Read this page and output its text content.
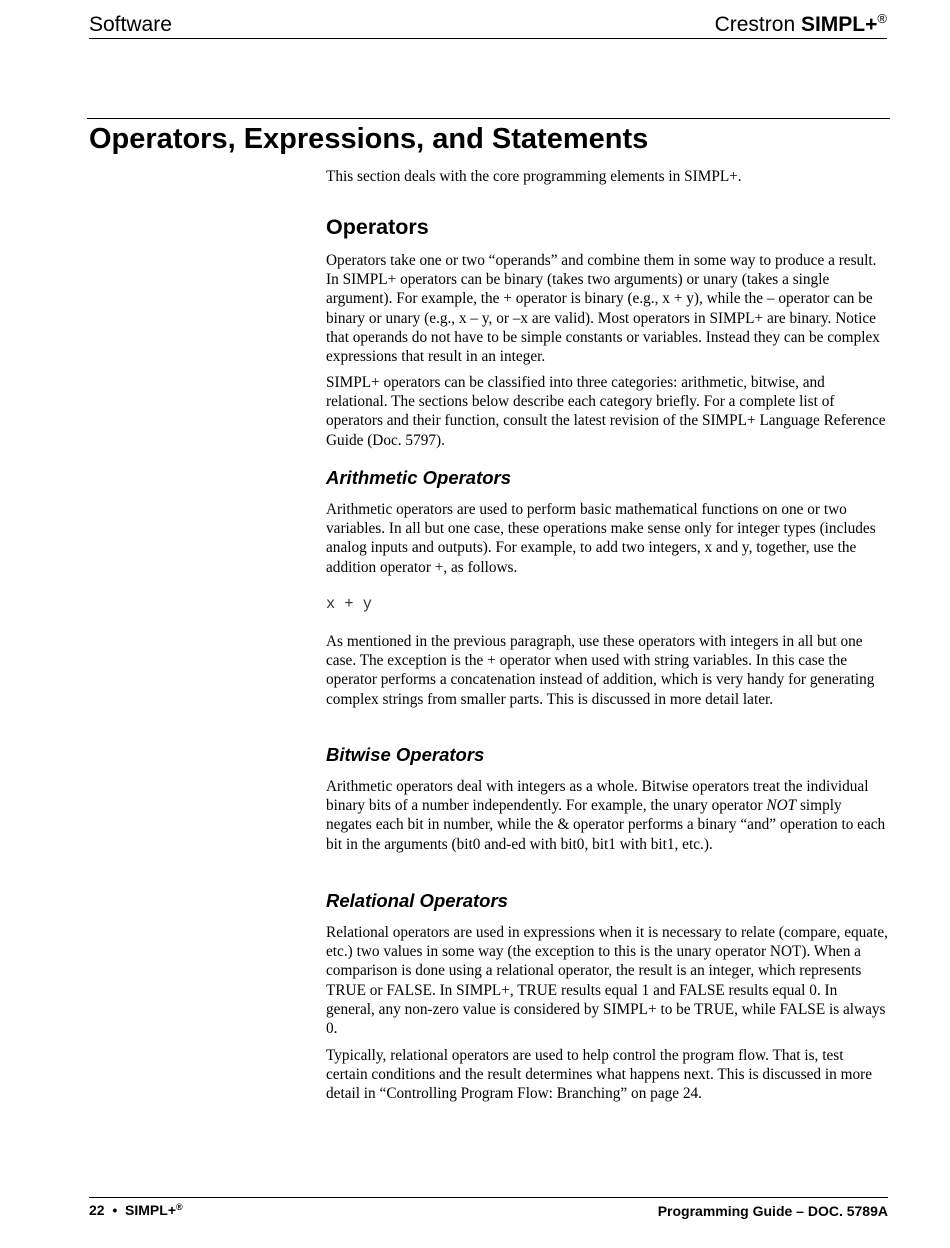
Software	Crestron SIMPL+®
Operators, Expressions, and Statements

This section deals with the core programming elements in SIMPL+.

Operators

Operators take one or two “operands” and combine them in some way to produce a result. In SIMPL+ operators can be binary (takes two arguments) or unary (takes a single argument). For example, the + operator is binary (e.g., x + y), while the – operator can be binary or unary (e.g., x – y, or –x are valid). Most operators in SIMPL+ are binary. Notice that operands do not have to be simple constants or variables. Instead they can be complex expressions that result in an integer.

SIMPL+ operators can be classified into three categories: arithmetic, bitwise, and relational. The sections below describe each category briefly. For a complete list of operators and their function, consult the latest revision of the SIMPL+ Language Reference Guide (Doc. 5797).

Arithmetic Operators

Arithmetic operators are used to perform basic mathematical functions on one or two variables. In all but one case, these operations make sense only for integer types (includes analog inputs and outputs). For example, to add two integers, x and y, together, use the addition operator +, as follows.

x + y

As mentioned in the previous paragraph, use these operators with integers in all but one case. The exception is the + operator when used with string variables. In this case the operator performs a concatenation instead of addition, which is very handy for generating complex strings from smaller parts. This is discussed in more detail later.

Bitwise Operators

Arithmetic operators deal with integers as a whole. Bitwise operators treat the individual binary bits of a number independently. For example, the unary operator NOT simply negates each bit in number, while the & operator performs a binary “and” operation to each bit in the arguments (bit0 and-ed with bit0, bit1 with bit1, etc.).

Relational Operators

Relational operators are used in expressions when it is necessary to relate (compare, equate, etc.) two values in some way (the exception to this is the unary operator NOT). When a comparison is done using a relational operator, the result is an integer, which represents TRUE or FALSE. In SIMPL+, TRUE results equal 1 and FALSE results equal 0. In general, any non-zero value is considered by SIMPL+ to be TRUE, while FALSE is always 0.

Typically, relational operators are used to help control the program flow. That is, test certain conditions and the result determines what happens next. This is discussed in more detail in “Controlling Program Flow: Branching” on page 24.

22 • SIMPL+®	Programming Guide – DOC. 5789A
